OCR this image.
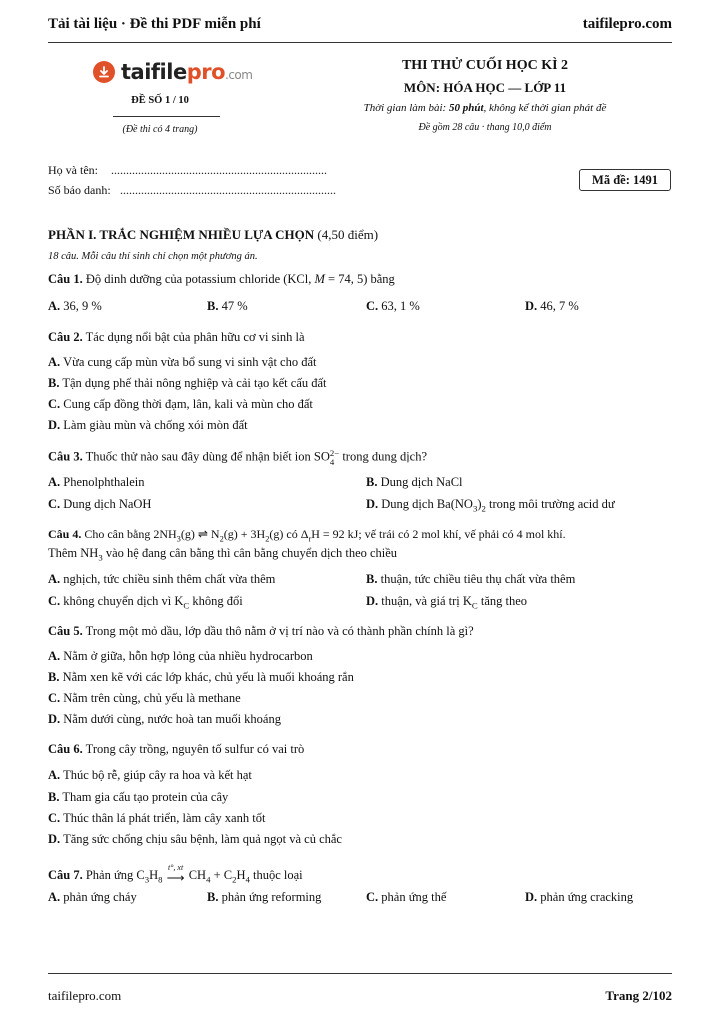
Tải tài liệu · Đề thi PDF miễn phí	taifilepro.com
taifilepro.com
ĐỀ SỐ 1 / 10
(Đề thi có 4 trang)
THI THỬ CUỐI HỌC KÌ 2
MÔN: HÓA HỌC — LỚP 11
Thời gian làm bài: 50 phút, không kể thời gian phát đề
Đề gồm 28 câu · thang 10,0 điểm
Họ và tên: ........................................................................
Số báo danh: ........................................................................
Mã đề: 1491
PHẦN I. TRẮC NGHIỆM NHIỀU LỰA CHỌN (4,50 điểm)
18 câu. Mỗi câu thí sinh chỉ chọn một phương án.
Câu 1. Độ dinh dưỡng của potassium chloride (KCl, M = 74, 5) bằng
A. 36, 9 %	B. 47 %	C. 63, 1 %	D. 46, 7 %
Câu 2. Tác dụng nổi bật của phân hữu cơ vi sinh là
A. Vừa cung cấp mùn vừa bổ sung vi sinh vật cho đất
B. Tận dụng phế thải nông nghiệp và cải tạo kết cấu đất
C. Cung cấp đồng thời đạm, lân, kali và mùn cho đất
D. Làm giàu mùn và chống xói mòn đất
Câu 3. Thuốc thử nào sau đây dùng để nhận biết ion SO 2−
4 trong dung dịch?
A. Phenolphthalein	B. Dung dịch NaCl
C. Dung dịch NaOH	D. Dung dịch $Ba(NO_3)_2$ trong môi trường acid dư
Câu 4. Cho cân bằng $2NH_3(g)$ ⇌ $N_2(g) + 3H_2(g)$ có $\Delta_rH = 92$ kJ; vế trái có 2 mol khí, vế phải có 4 mol khí.
Thêm $NH_3$ vào hệ đang cân bằng thì cân bằng chuyển dịch theo chiều
A. nghịch, tức chiều sinh thêm chất vừa thêm	B. thuận, tức chiều tiêu thụ chất vừa thêm
C. không chuyển dịch vì $K_C$ không đổi	D. thuận, và giá trị $K_C$ tăng theo
Câu 5. Trong một mỏ dầu, lớp dầu thô nằm ở vị trí nào và có thành phần chính là gì?
A. Nằm ở giữa, hỗn hợp lỏng của nhiều hydrocarbon
B. Nằm xen kẽ với các lớp khác, chủ yếu là muối khoáng rắn
C. Nằm trên cùng, chủ yếu là methane
D. Nằm dưới cùng, nước hoà tan muối khoáng
Câu 6. Trong cây trồng, nguyên tố sulfur có vai trò
A. Thúc bộ rễ, giúp cây ra hoa và kết hạt
B. Tham gia cấu tạo protein của cây
C. Thúc thân lá phát triển, làm cây xanh tốt
D. Tăng sức chống chịu sâu bệnh, làm quả ngọt và củ chắc
Câu 7. Phản ứng $C_3H_8$
t°, xt
⟶ $CH_4 + C_2H_4$ thuộc loại
A. phản ứng cháy	B. phản ứng reforming	C. phản ứng thế	D. phản ứng cracking
taifilepro.com	Trang 2/102
